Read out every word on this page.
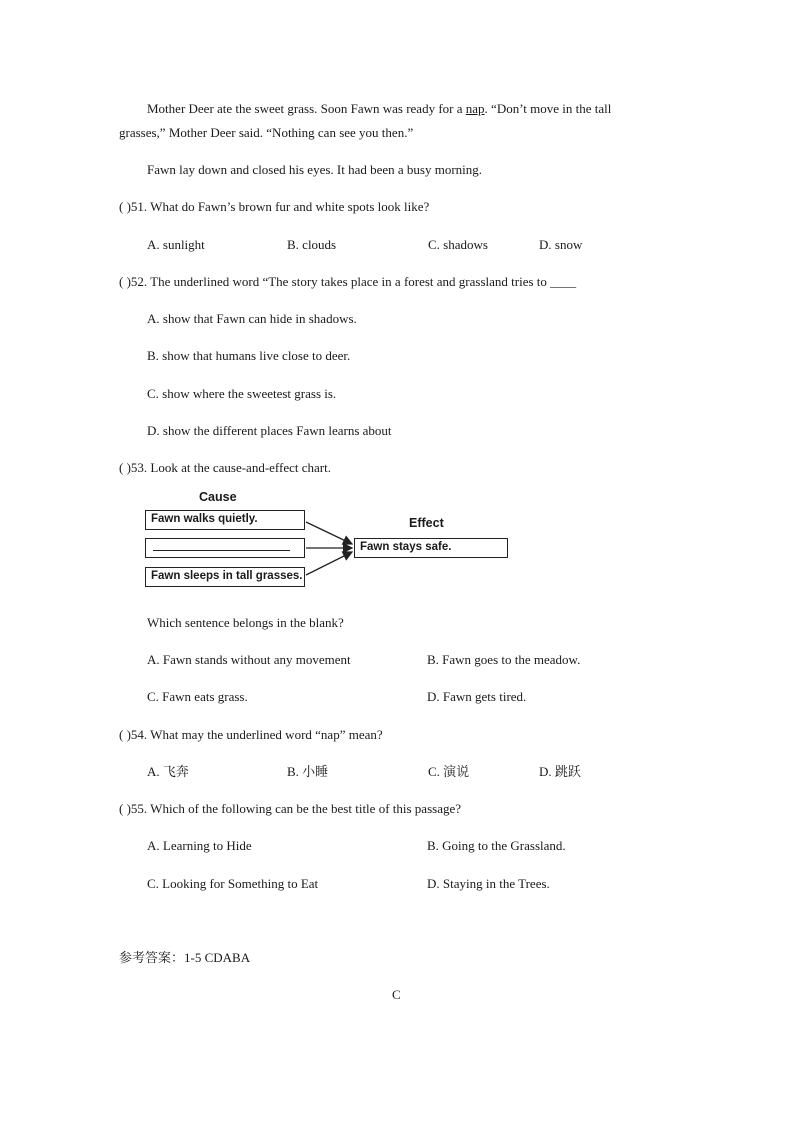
Mother Deer ate the sweet grass. Soon Fawn was ready for a nap. “Don’t move in the tall
grasses,” Mother Deer said. “Nothing can see you then.”
Fawn lay down and closed his eyes. It had been a busy morning.
( )51. What do Fawn’s brown fur and white spots look like?
A. sunlight	B. clouds	C. shadows	D. snow
( )52. The underlined word “The story takes place in a forest and grassland tries to ____
A. show that Fawn can hide in shadows.
B. show that humans live close to deer.
C. show where the sweetest grass is.
D. show the different places Fawn learns about
( )53. Look at the cause-and-effect chart.
Cause
Effect
Fawn walks quietly.
Fawn sleeps in tall grasses.
Fawn stays safe.
Which sentence belongs in the blank?
A. Fawn stands without any movement	B. Fawn goes to the meadow.
C. Fawn eats grass.	D. Fawn gets tired.
( )54. What may the underlined word “nap” mean?
A. 飞奔	B. 小睡	C. 演说	D. 跳跃
( )55. Which of the following can be the best title of this passage?
A. Learning to Hide	B. Going to the Grassland.
C. Looking for Something to Eat	D. Staying in the Trees.
参考答案：1-5 CDABA
C
